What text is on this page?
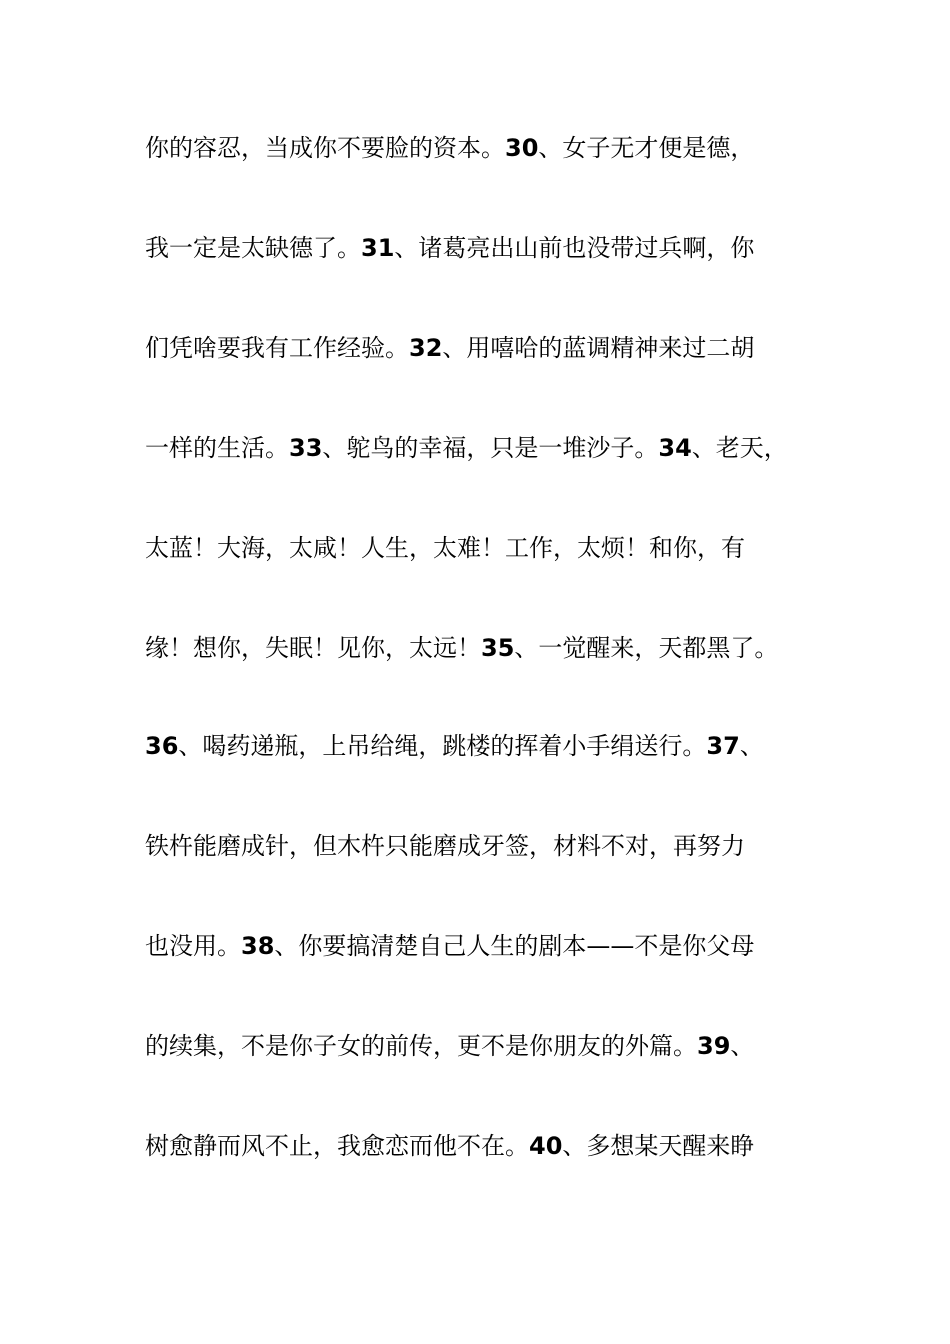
你的容忍，当成你不要脸的资本。30、女子无才便是德，
我一定是太缺德了。31、诸葛亮出山前也没带过兵啊，你
们凭啥要我有工作经验。32、用嘻哈的蓝调精神来过二胡
一样的生活。33、鸵鸟的幸福，只是一堆沙子。34、老天，
太蓝！大海，太咸！人生，太难！工作，太烦！和你，有
缘！想你，失眠！见你，太远！35、一觉醒来，天都黑了。
36、喝药递瓶，上吊给绳，跳楼的挥着小手绢送行。37、
铁杵能磨成针，但木杵只能磨成牙签，材料不对，再努力
也没用。38、你要搞清楚自己人生的剧本——不是你父母
的续集，不是你子女的前传，更不是你朋友的外篇。39、
树愈静而风不止，我愈恋而他不在。40、多想某天醒来睁
